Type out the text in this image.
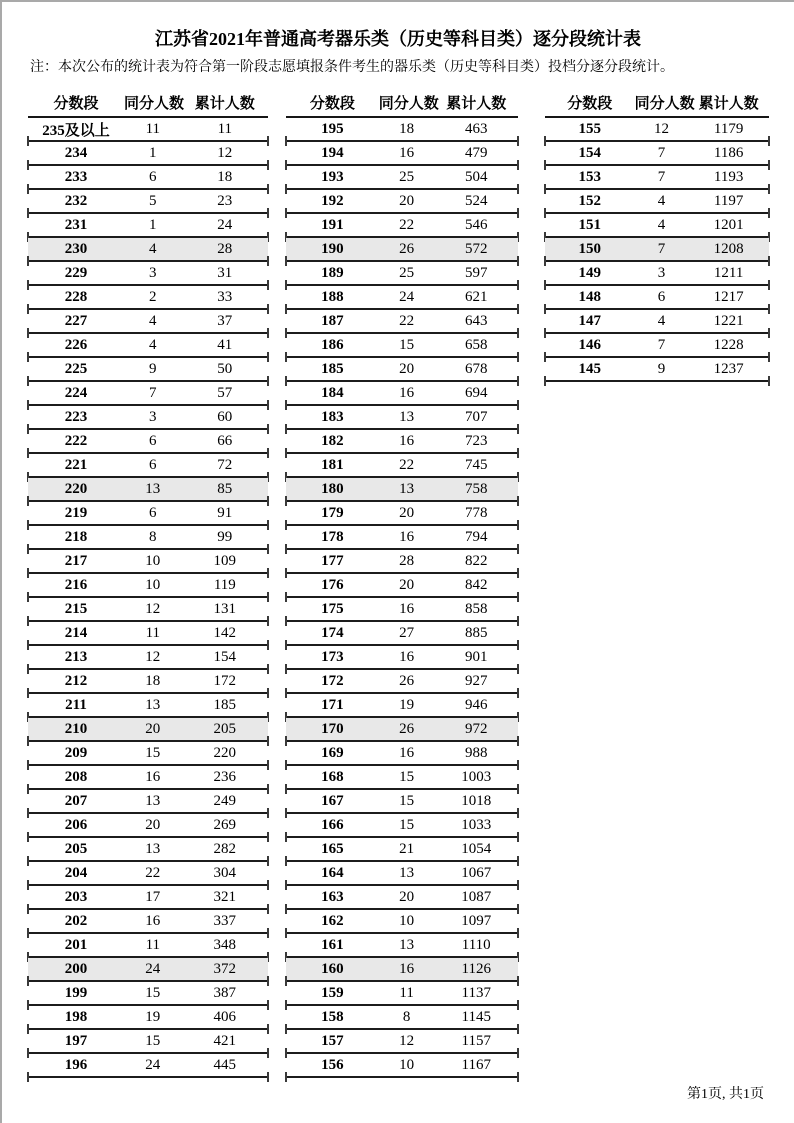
江苏省2021年普通高考器乐类（历史等科目类）逐分段统计表
注：本次公布的统计表为符合第一阶段志愿填报条件考生的器乐类（历史等科目类）投档分逐分段统计。
分数段	同分人数 累计人数
235及以上	11	11
234	1	12
233	6	18
232	5	23
231	1	24
230	4	28
229	3	31
228	2	33
227	4	37
226	4	41
225	9	50
224	7	57
223	3	60
222	6	66
221	6	72
220	13	85
219	6	91
218	8	99
217	10	109
216	10	119
215	12	131
214	11	142
213	12	154
212	18	172
211	13	185
210	20	205
209	15	220
208	16	236
207	13	249
206	20	269
205	13	282
204	22	304
203	17	321
202	16	337
201	11	348
200	24	372
199	15	387
198	19	406
197	15	421
196	24	445
分数段	同分人数 累计人数
195	18	463
194	16	479
193	25	504
192	20	524
191	22	546
190	26	572
189	25	597
188	24	621
187	22	643
186	15	658
185	20	678
184	16	694
183	13	707
182	16	723
181	22	745
180	13	758
179	20	778
178	16	794
177	28	822
176	20	842
175	16	858
174	27	885
173	16	901
172	26	927
171	19	946
170	26	972
169	16	988
168	15	1003
167	15	1018
166	15	1033
165	21	1054
164	13	1067
163	20	1087
162	10	1097
161	13	1110
160	16	1126
159	11	1137
158	8	1145
157	12	1157
156	10	1167
分数段	同分人数 累计人数
155	12	1179
154	7	1186
153	7	1193
152	4	1197
151	4	1201
150	7	1208
149	3	1211
148	6	1217
147	4	1221
146	7	1228
145	9	1237
第1页, 共1页
